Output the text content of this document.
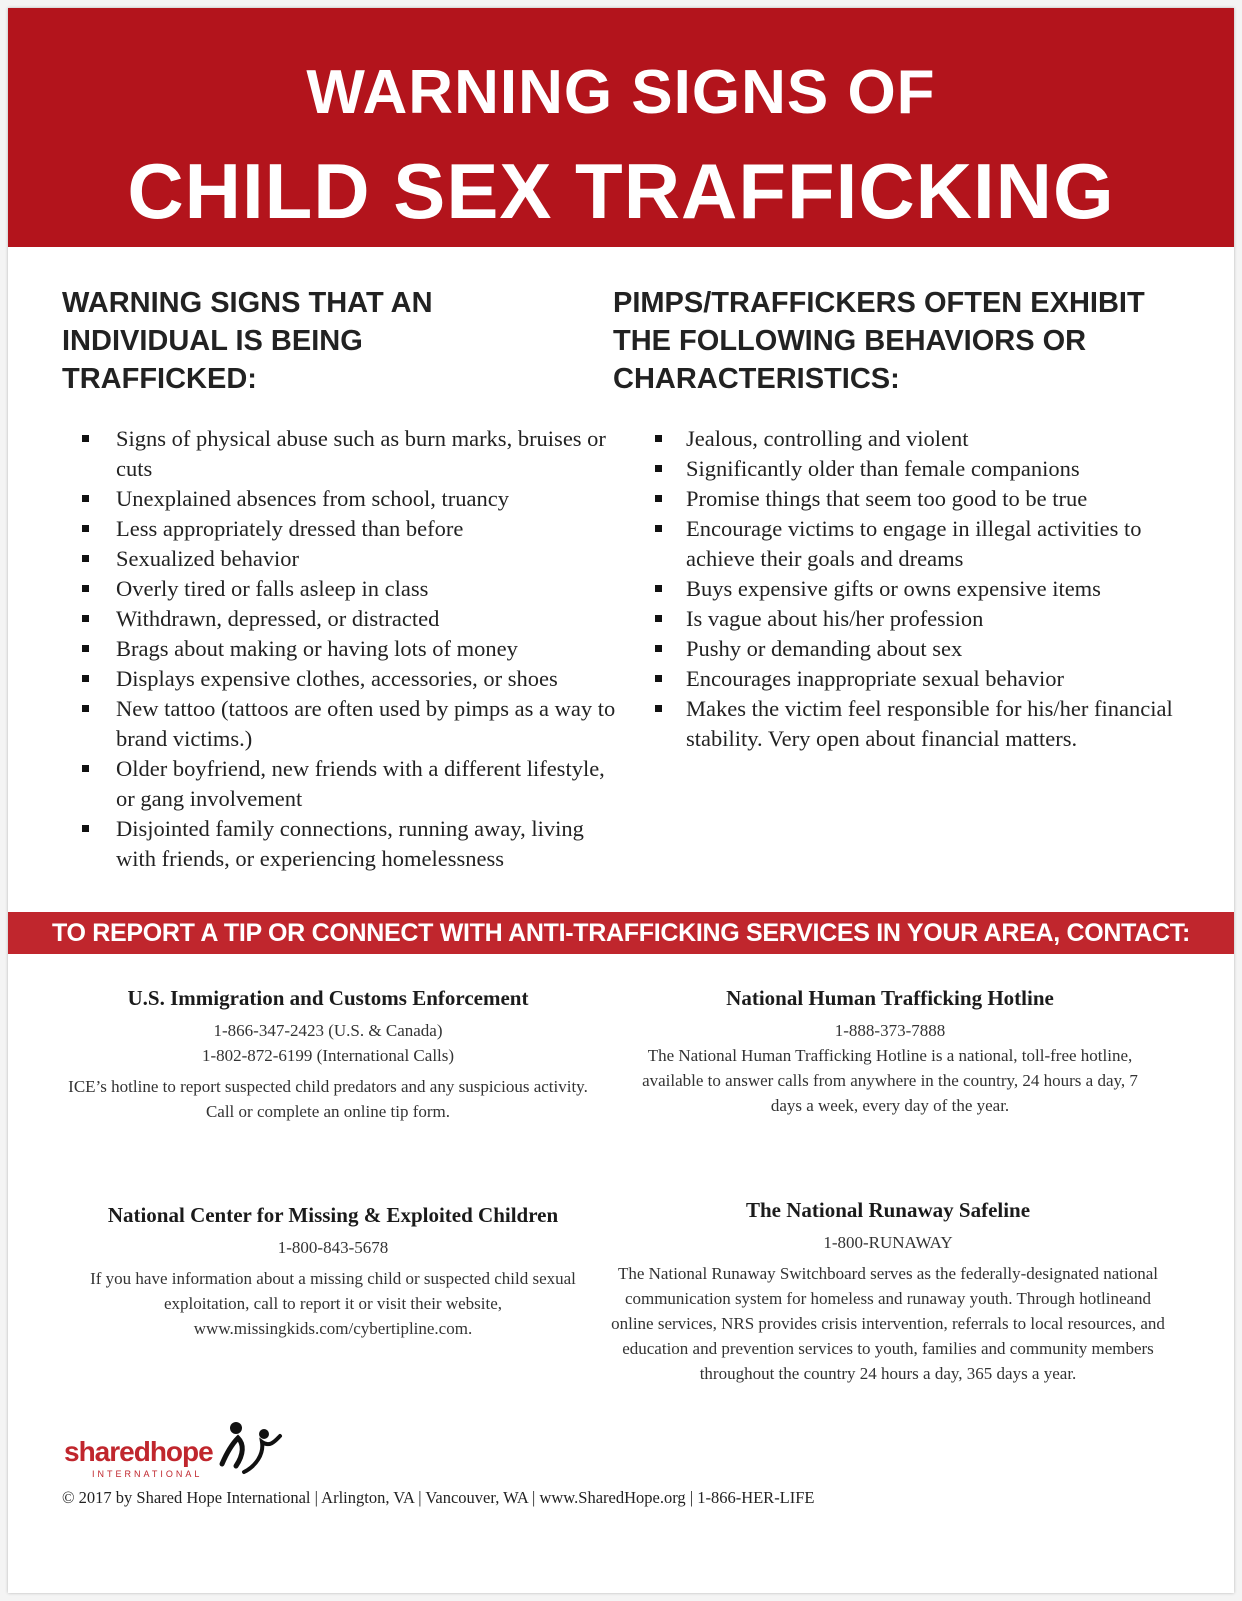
WARNING SIGNS OF
CHILD SEX TRAFFICKING
WARNING SIGNS THAT AN
INDIVIDUAL IS BEING
TRAFFICKED:
Signs of physical abuse such as burn marks, bruises or cuts
Unexplained absences from school, truancy
Less appropriately dressed than before
Sexualized behavior
Overly tired or falls asleep in class
Withdrawn, depressed, or distracted
Brags about making or having lots of money
Displays expensive clothes, accessories, or shoes
New tattoo (tattoos are often used by pimps as a way to brand victims.)
Older boyfriend, new friends with a different lifestyle, or gang involvement
Disjointed family connections, running away, living with friends, or experiencing homelessness
PIMPS/TRAFFICKERS OFTEN EXHIBIT
THE FOLLOWING BEHAVIORS OR
CHARACTERISTICS:
Jealous, controlling and violent
Significantly older than female companions
Promise things that seem too good to be true
Encourage victims to engage in illegal activities to achieve their goals and dreams
Buys expensive gifts or owns expensive items
Is vague about his/her profession
Pushy or demanding about sex
Encourages inappropriate sexual behavior
Makes the victim feel responsible for his/her financial stability. Very open about financial matters.
TO REPORT A TIP OR CONNECT WITH ANTI-TRAFFICKING SERVICES IN YOUR AREA, CONTACT:
U.S. Immigration and Customs Enforcement
1-866-347-2423 (U.S. & Canada)
1-802-872-6199 (International Calls)
ICE’s hotline to report suspected child predators and any suspicious activity.
Call or complete an online tip form.
National Human Trafficking Hotline
1-888-373-7888
The National Human Trafficking Hotline is a national, toll-free hotline, available to answer calls from anywhere in the country, 24 hours a day, 7 days a week, every day of the year.
National Center for Missing & Exploited Children
1-800-843-5678
If you have information about a missing child or suspected child sexual exploitation, call to report it or visit their website, www.missingkids.com/cybertipline.com.
The National Runaway Safeline
1-800-RUNAWAY
The National Runaway Switchboard serves as the federally-designated national communication system for homeless and runaway youth. Through hotlineand online services, NRS provides crisis intervention, referrals to local resources, and education and prevention services to youth, families and community members throughout the country 24 hours a day, 365 days a year.
sharedhope
INTERNATIONAL
© 2017 by Shared Hope International | Arlington, VA | Vancouver, WA | www.SharedHope.org | 1-866-HER-LIFE
